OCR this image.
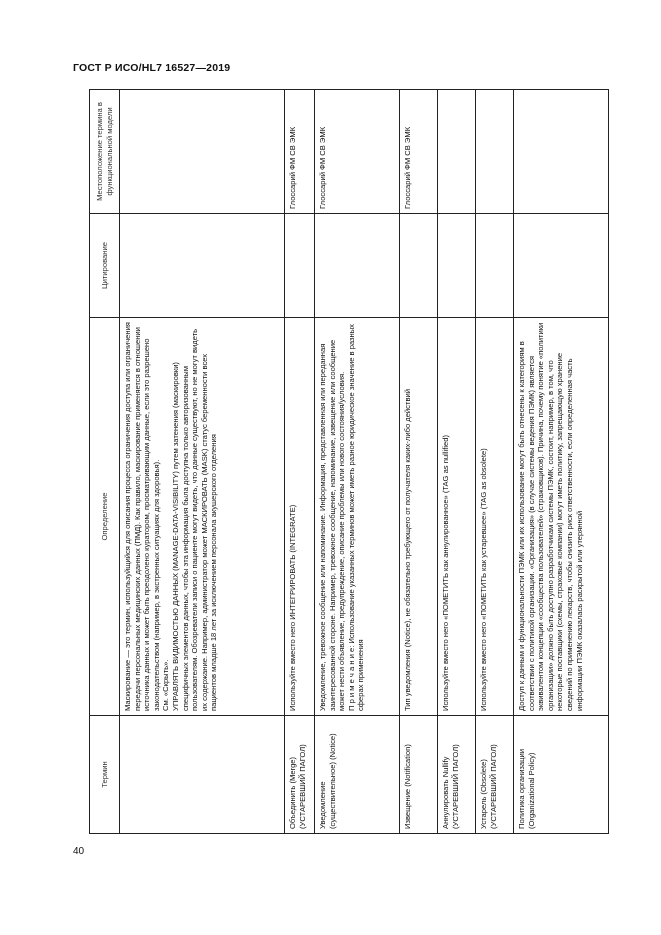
ГОСТ Р ИСО/HL7 16527—2019
Термин	Определение	Цитирование	Местоположение термина в функциональной модели

	Маскирование — это термин, используйщийся для описания процесса ограничения доступа или ограничения передачи персональных медицинских данных (ПМД). Как правило, маскирование применяется в отношении источника данных и может быть преодолено куратором, просматривающим данные, если это разрешено законодательством (например, в экстренных ситуациях для здоровья). См. «Скрыть». УПРАВЛЯТЬ ВИДИМОСТЬЮ ДАННЫХ (MANAGE-DATA-VISIBILITY) путем затенения (маскировки) специфичных элементов данных, чтобы эта информация была доступна только авторизованным пользователям. Обозреватели записи о пациенте могут видеть, что данные существуют, но не могут видеть их содержание. Например, администратор может МАСКИРОВАТЬ (MASK) статус беременности всех пациентов младше 18 лет за исключением персонала акушерского отделения		

Объединить (Merge) (УСТАРЕВШИЙ ПАГОЛ)	Используйте вместо него ИНТЕГРИРОВАТЬ (INTEGRATE)		Глоссарий ФМ СВ ЭМК
Уведомление (существительное) (Notice)	Уведомление, тревожное сообщение или напоминание. Информация, представленная или переданная заинтересованной стороне. Например, тревожное сообщение, напоминание, извещение или сообщение может нести объявление, предупреждение, описание проблемы или нового состояния/условия. П р и м е ч а н и е: Использование указанных терминов может иметь разное юридическое значение в разных сферах применения		Глоссарий ФМ СВ ЭМК
Извещение (Notification)	Тип уведомления (Notice), не обязательно требующего от получателя каких-либо действий		Глоссарий ФМ СВ ЭМК
Аннулировать Nullify (УСТАРЕВШИЙ ПАГОЛ)	Используйте вместо него «ПОМЕТИТЬ как аннулированное» (TAG as nullified)		
Устарель (Obsolete) (УСТАРЕВШИЙ ПАГОЛ)	Используйте вместо него «ПОМЕТИТЬ как устаревшее» (TAG as obsolete)		
Политика организации (Organizational Policy)	Доступ к данным и функциональности ПЭМК или их использование могут быть отнесены к категориям в соответствии с политикой организации. «Организация» (в случае системы ведения ПЭМК) является эквивалентом концепции «сообщества пользователей» (стражовщиков). Причина, почему понятие «политики организации» должно быть доступно разработчикам системы ПЭМК, состоит, например, в том, что некоторые поставщики (схемы, страховые компании) могут иметь политику, запрещающую хранение сведений по применению лекарств, чтобы снизить риск ответственности, если определенная часть информации ПЭМК оказалась раскрытой или утерянной		
40
